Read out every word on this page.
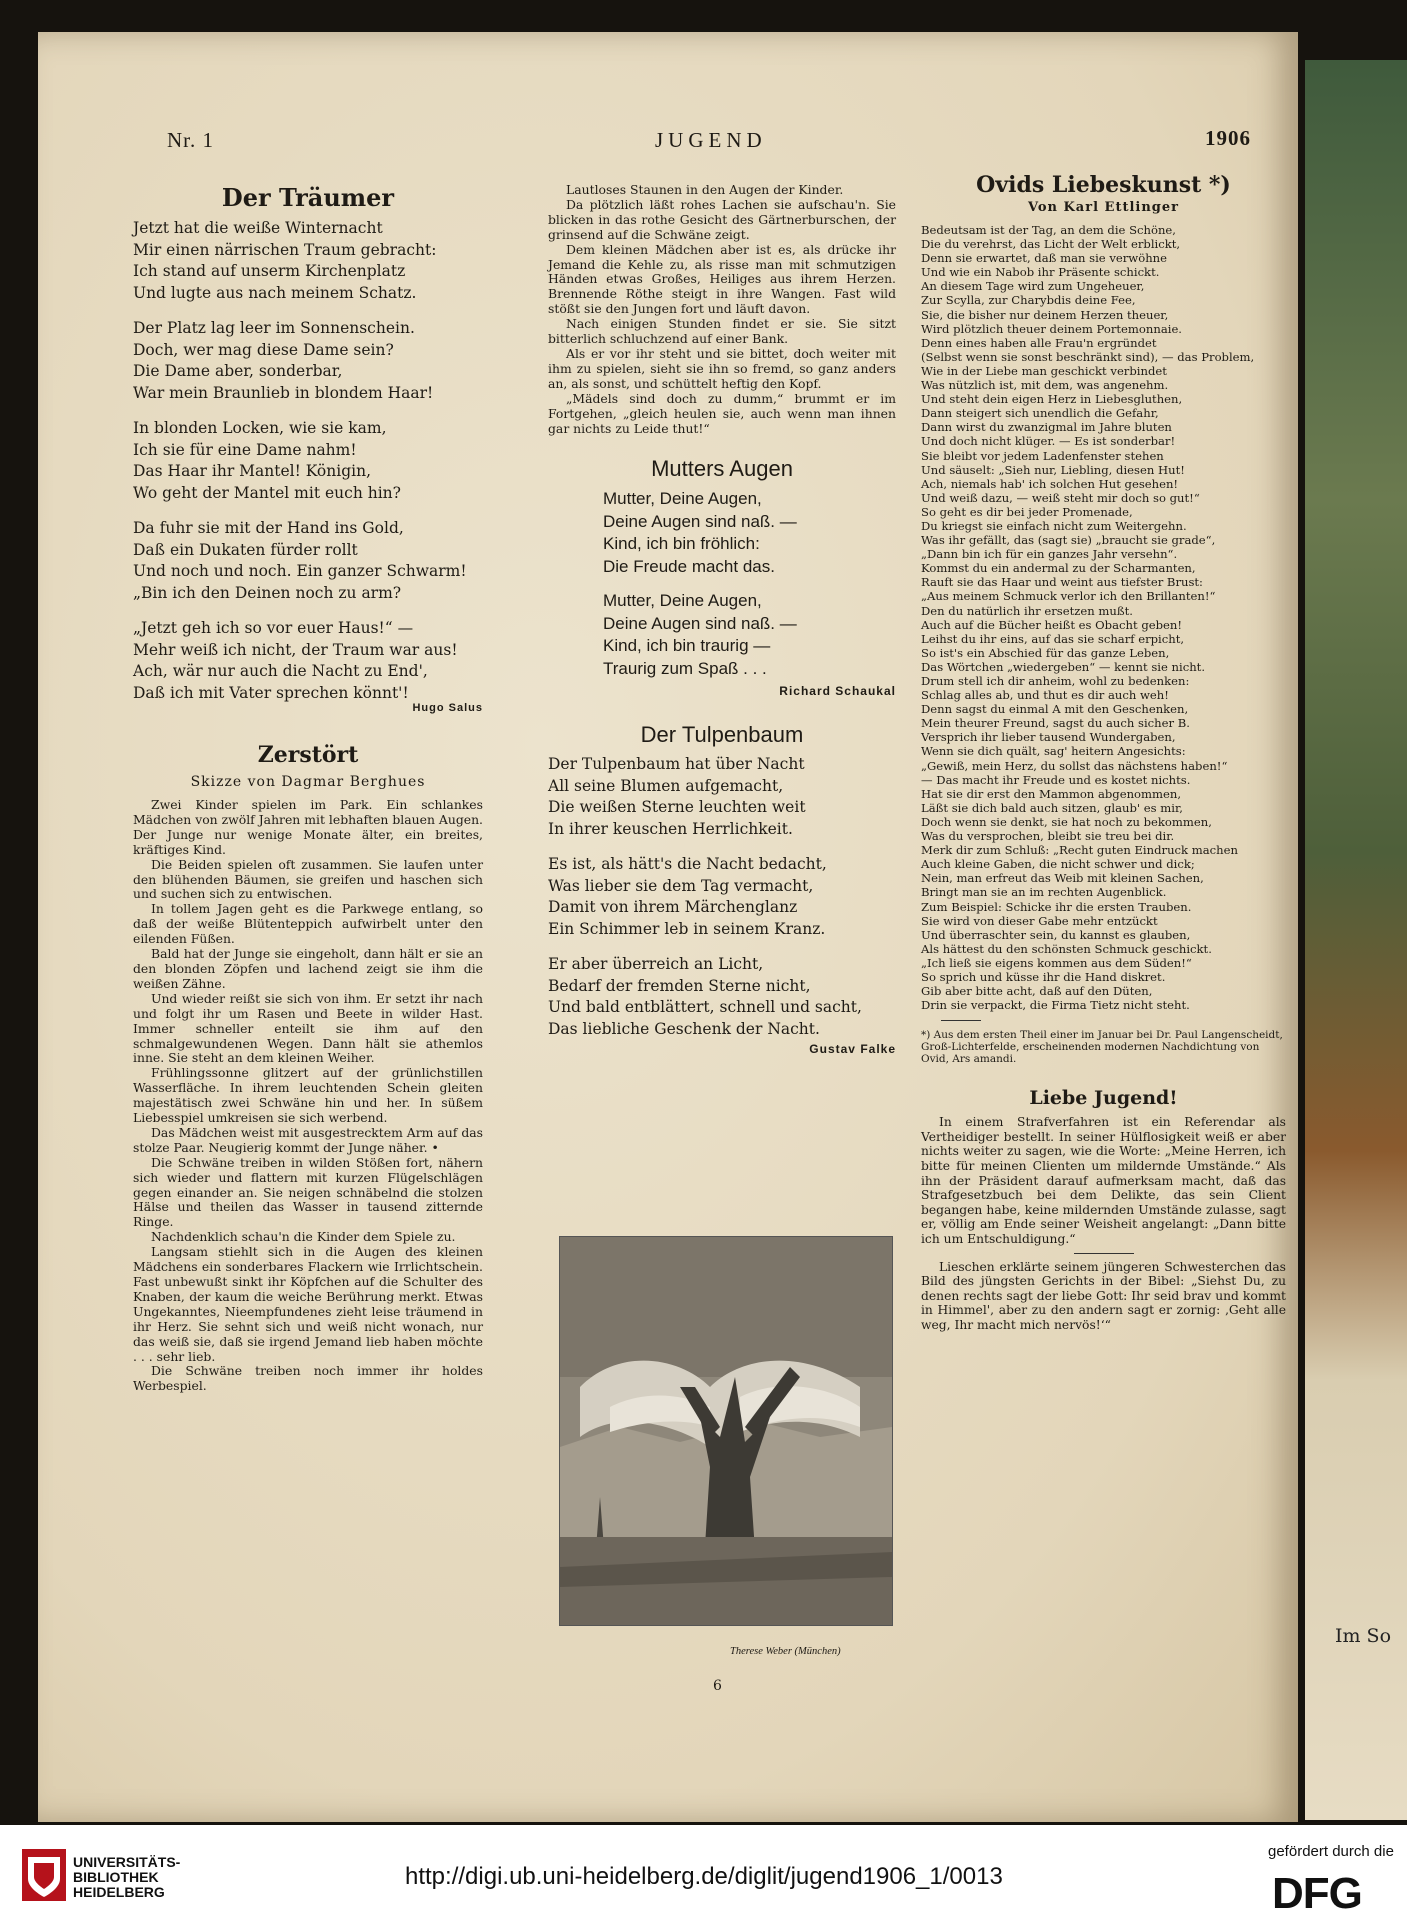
Im So
Nr. 1	JUGEND	1906
Der Träumer
Jetzt hat die weiße Winternacht
Mir einen närrischen Traum gebracht:
Ich stand auf unserm Kirchenplatz
Und lugte aus nach meinem Schatz.
Der Platz lag leer im Sonnenschein.
Doch, wer mag diese Dame sein?
Die Dame aber, sonderbar,
War mein Braunlieb in blondem Haar!
In blonden Locken, wie sie kam,
Ich sie für eine Dame nahm!
Das Haar ihr Mantel! Königin,
Wo geht der Mantel mit euch hin?
Da fuhr sie mit der Hand ins Gold,
Daß ein Dukaten fürder rollt
Und noch und noch. Ein ganzer Schwarm!
„Bin ich den Deinen noch zu arm?
„Jetzt geh ich so vor euer Haus!“ —
Mehr weiß ich nicht, der Traum war aus!
Ach, wär nur auch die Nacht zu End',
Daß ich mit Vater sprechen könnt'!
Hugo Salus
Zerstört
Skizze von Dagmar Berghues

Zwei Kinder spielen im Park. Ein schlankes Mädchen von zwölf Jahren mit lebhaften blauen Augen. Der Junge nur wenige Monate älter, ein breites, kräftiges Kind.

Die Beiden spielen oft zusammen. Sie laufen unter den blühenden Bäumen, sie greifen und haschen sich und suchen sich zu entwischen.

In tollem Jagen geht es die Parkwege entlang, so daß der weiße Blütenteppich aufwirbelt unter den eilenden Füßen.

Bald hat der Junge sie eingeholt, dann hält er sie an den blonden Zöpfen und lachend zeigt sie ihm die weißen Zähne.

Und wieder reißt sie sich von ihm. Er setzt ihr nach und folgt ihr um Rasen und Beete in wilder Hast. Immer schneller enteilt sie ihm auf den schmalgewundenen Wegen. Dann hält sie athemlos inne. Sie steht an dem kleinen Weiher.

Frühlingssonne glitzert auf der grünlichstillen Wasserfläche. In ihrem leuchtenden Schein gleiten majestätisch zwei Schwäne hin und her. In süßem Liebesspiel umkreisen sie sich werbend.

Das Mädchen weist mit ausgestrecktem Arm auf das stolze Paar. Neugierig kommt der Junge näher. •

Die Schwäne treiben in wilden Stößen fort, nähern sich wieder und flattern mit kurzen Flügelschlägen gegen einander an. Sie neigen schnäbelnd die stolzen Hälse und theilen das Wasser in tausend zitternde Ringe.

Nachdenklich schau'n die Kinder dem Spiele zu.

Langsam stiehlt sich in die Augen des kleinen Mädchens ein sonderbares Flackern wie Irrlichtschein. Fast unbewußt sinkt ihr Köpfchen auf die Schulter des Knaben, der kaum die weiche Berührung merkt. Etwas Ungekanntes, Nieempfundenes zieht leise träumend in ihr Herz. Sie sehnt sich und weiß nicht wonach, nur das weiß sie, daß sie irgend Jemand lieb haben möchte . . . sehr lieb.

Die Schwäne treiben noch immer ihr holdes Werbespiel.

Lautloses Staunen in den Augen der Kinder.

Da plötzlich läßt rohes Lachen sie aufschau'n. Sie blicken in das rothe Gesicht des Gärtnerburschen, der grinsend auf die Schwäne zeigt.

Dem kleinen Mädchen aber ist es, als drücke ihr Jemand die Kehle zu, als risse man mit schmutzigen Händen etwas Großes, Heiliges aus ihrem Herzen. Brennende Röthe steigt in ihre Wangen. Fast wild stößt sie den Jungen fort und läuft davon.

Nach einigen Stunden findet er sie. Sie sitzt bitterlich schluchzend auf einer Bank.

Als er vor ihr steht und sie bittet, doch weiter mit ihm zu spielen, sieht sie ihn so fremd, so ganz anders an, als sonst, und schüttelt heftig den Kopf.

„Mädels sind doch zu dumm,“ brummt er im Fortgehen, „gleich heulen sie, auch wenn man ihnen gar nichts zu Leide thut!“

Mutters Augen
Mutter, Deine Augen,
Deine Augen sind naß. —
Kind, ich bin fröhlich:
Die Freude macht das.
Mutter, Deine Augen,
Deine Augen sind naß. —
Kind, ich bin traurig —
Traurig zum Spaß . . .
Richard Schaukal
Der Tulpenbaum
Der Tulpenbaum hat über Nacht
All seine Blumen aufgemacht,
Die weißen Sterne leuchten weit
In ihrer keuschen Herrlichkeit.
Es ist, als hätt's die Nacht bedacht,
Was lieber sie dem Tag vermacht,
Damit von ihrem Märchenglanz
Ein Schimmer leb in seinem Kranz.
Er aber überreich an Licht,
Bedarf der fremden Sterne nicht,
Und bald entblättert, schnell und sacht,
Das liebliche Geschenk der Nacht.
Gustav Falke
Therese Weber (München)
Ovids Liebeskunst *)
Von Karl Ettlinger
Bedeutsam ist der Tag, an dem die Schöne,
Die du verehrst, das Licht der Welt erblickt,
Denn sie erwartet, daß man sie verwöhne
Und wie ein Nabob ihr Präsente schickt.
An diesem Tage wird zum Ungeheuer,
Zur Scylla, zur Charybdis deine Fee,
Sie, die bisher nur deinem Herzen theuer,
Wird plötzlich theuer deinem Portemonnaie.
Denn eines haben alle Frau'n ergründet
(Selbst wenn sie sonst beschränkt sind), — das Problem,
Wie in der Liebe man geschickt verbindet
Was nützlich ist, mit dem, was angenehm.
Und steht dein eigen Herz in Liebesgluthen,
Dann steigert sich unendlich die Gefahr,
Dann wirst du zwanzigmal im Jahre bluten
Und doch nicht klüger. — Es ist sonderbar!
Sie bleibt vor jedem Ladenfenster stehen
Und säuselt: „Sieh nur, Liebling, diesen Hut!
Ach, niemals hab' ich solchen Hut gesehen!
Und weiß dazu, — weiß steht mir doch so gut!“
So geht es dir bei jeder Promenade,
Du kriegst sie einfach nicht zum Weitergehn.
Was ihr gefällt, das (sagt sie) „braucht sie grade“,
„Dann bin ich für ein ganzes Jahr versehn“.
Kommst du ein andermal zu der Scharmanten,
Rauft sie das Haar und weint aus tiefster Brust:
„Aus meinem Schmuck verlor ich den Brillanten!“
Den du natürlich ihr ersetzen mußt.
Auch auf die Bücher heißt es Obacht geben!
Leihst du ihr eins, auf das sie scharf erpicht,
So ist's ein Abschied für das ganze Leben,
Das Wörtchen „wiedergeben“ — kennt sie nicht.
Drum stell ich dir anheim, wohl zu bedenken:
Schlag alles ab, und thut es dir auch weh!
Denn sagst du einmal A mit den Geschenken,
Mein theurer Freund, sagst du auch sicher B.
Versprich ihr lieber tausend Wundergaben,
Wenn sie dich quält, sag' heitern Angesichts:
„Gewiß, mein Herz, du sollst das nächstens haben!“
— Das macht ihr Freude und es kostet nichts.
Hat sie dir erst den Mammon abgenommen,
Läßt sie dich bald auch sitzen, glaub' es mir,
Doch wenn sie denkt, sie hat noch zu bekommen,
Was du versprochen, bleibt sie treu bei dir.
Merk dir zum Schluß: „Recht guten Eindruck machen
Auch kleine Gaben, die nicht schwer und dick;
Nein, man erfreut das Weib mit kleinen Sachen,
Bringt man sie an im rechten Augenblick.
Zum Beispiel: Schicke ihr die ersten Trauben.
Sie wird von dieser Gabe mehr entzückt
Und überraschter sein, du kannst es glauben,
Als hättest du den schönsten Schmuck geschickt.
„Ich ließ sie eigens kommen aus dem Süden!“
So sprich und küsse ihr die Hand diskret.
Gib aber bitte acht, daß auf den Düten,
Drin sie verpackt, die Firma Tietz nicht steht.
*) Aus dem ersten Theil einer im Januar bei Dr. Paul Langenscheidt, Groß-Lichterfelde, erscheinenden modernen Nachdichtung von Ovid, Ars amandi.
Liebe Jugend!

In einem Strafverfahren ist ein Referendar als Vertheidiger bestellt. In seiner Hülflosigkeit weiß er aber nichts weiter zu sagen, wie die Worte: „Meine Herren, ich bitte für meinen Clienten um mildernde Umstände.“ Als ihn der Präsident darauf aufmerksam macht, daß das Strafgesetzbuch bei dem Delikte, das sein Client begangen habe, keine mildernden Umstände zulasse, sagt er, völlig am Ende seiner Weisheit angelangt: „Dann bitte ich um Entschuldigung.“

Lieschen erklärte seinem jüngeren Schwesterchen das Bild des jüngsten Gerichts in der Bibel: „Siehst Du, zu denen rechts sagt der liebe Gott: Ihr seid brav und kommt in Himmel', aber zu den andern sagt er zornig: ‚Geht alle weg, Ihr macht mich nervös!‘“

6
UNIVERSITÄTS-
BIBLIOTHEK
HEIDELBERG
http://digi.ub.uni-heidelberg.de/diglit/jugend1906_1/0013
gefördert durch die
DFG
